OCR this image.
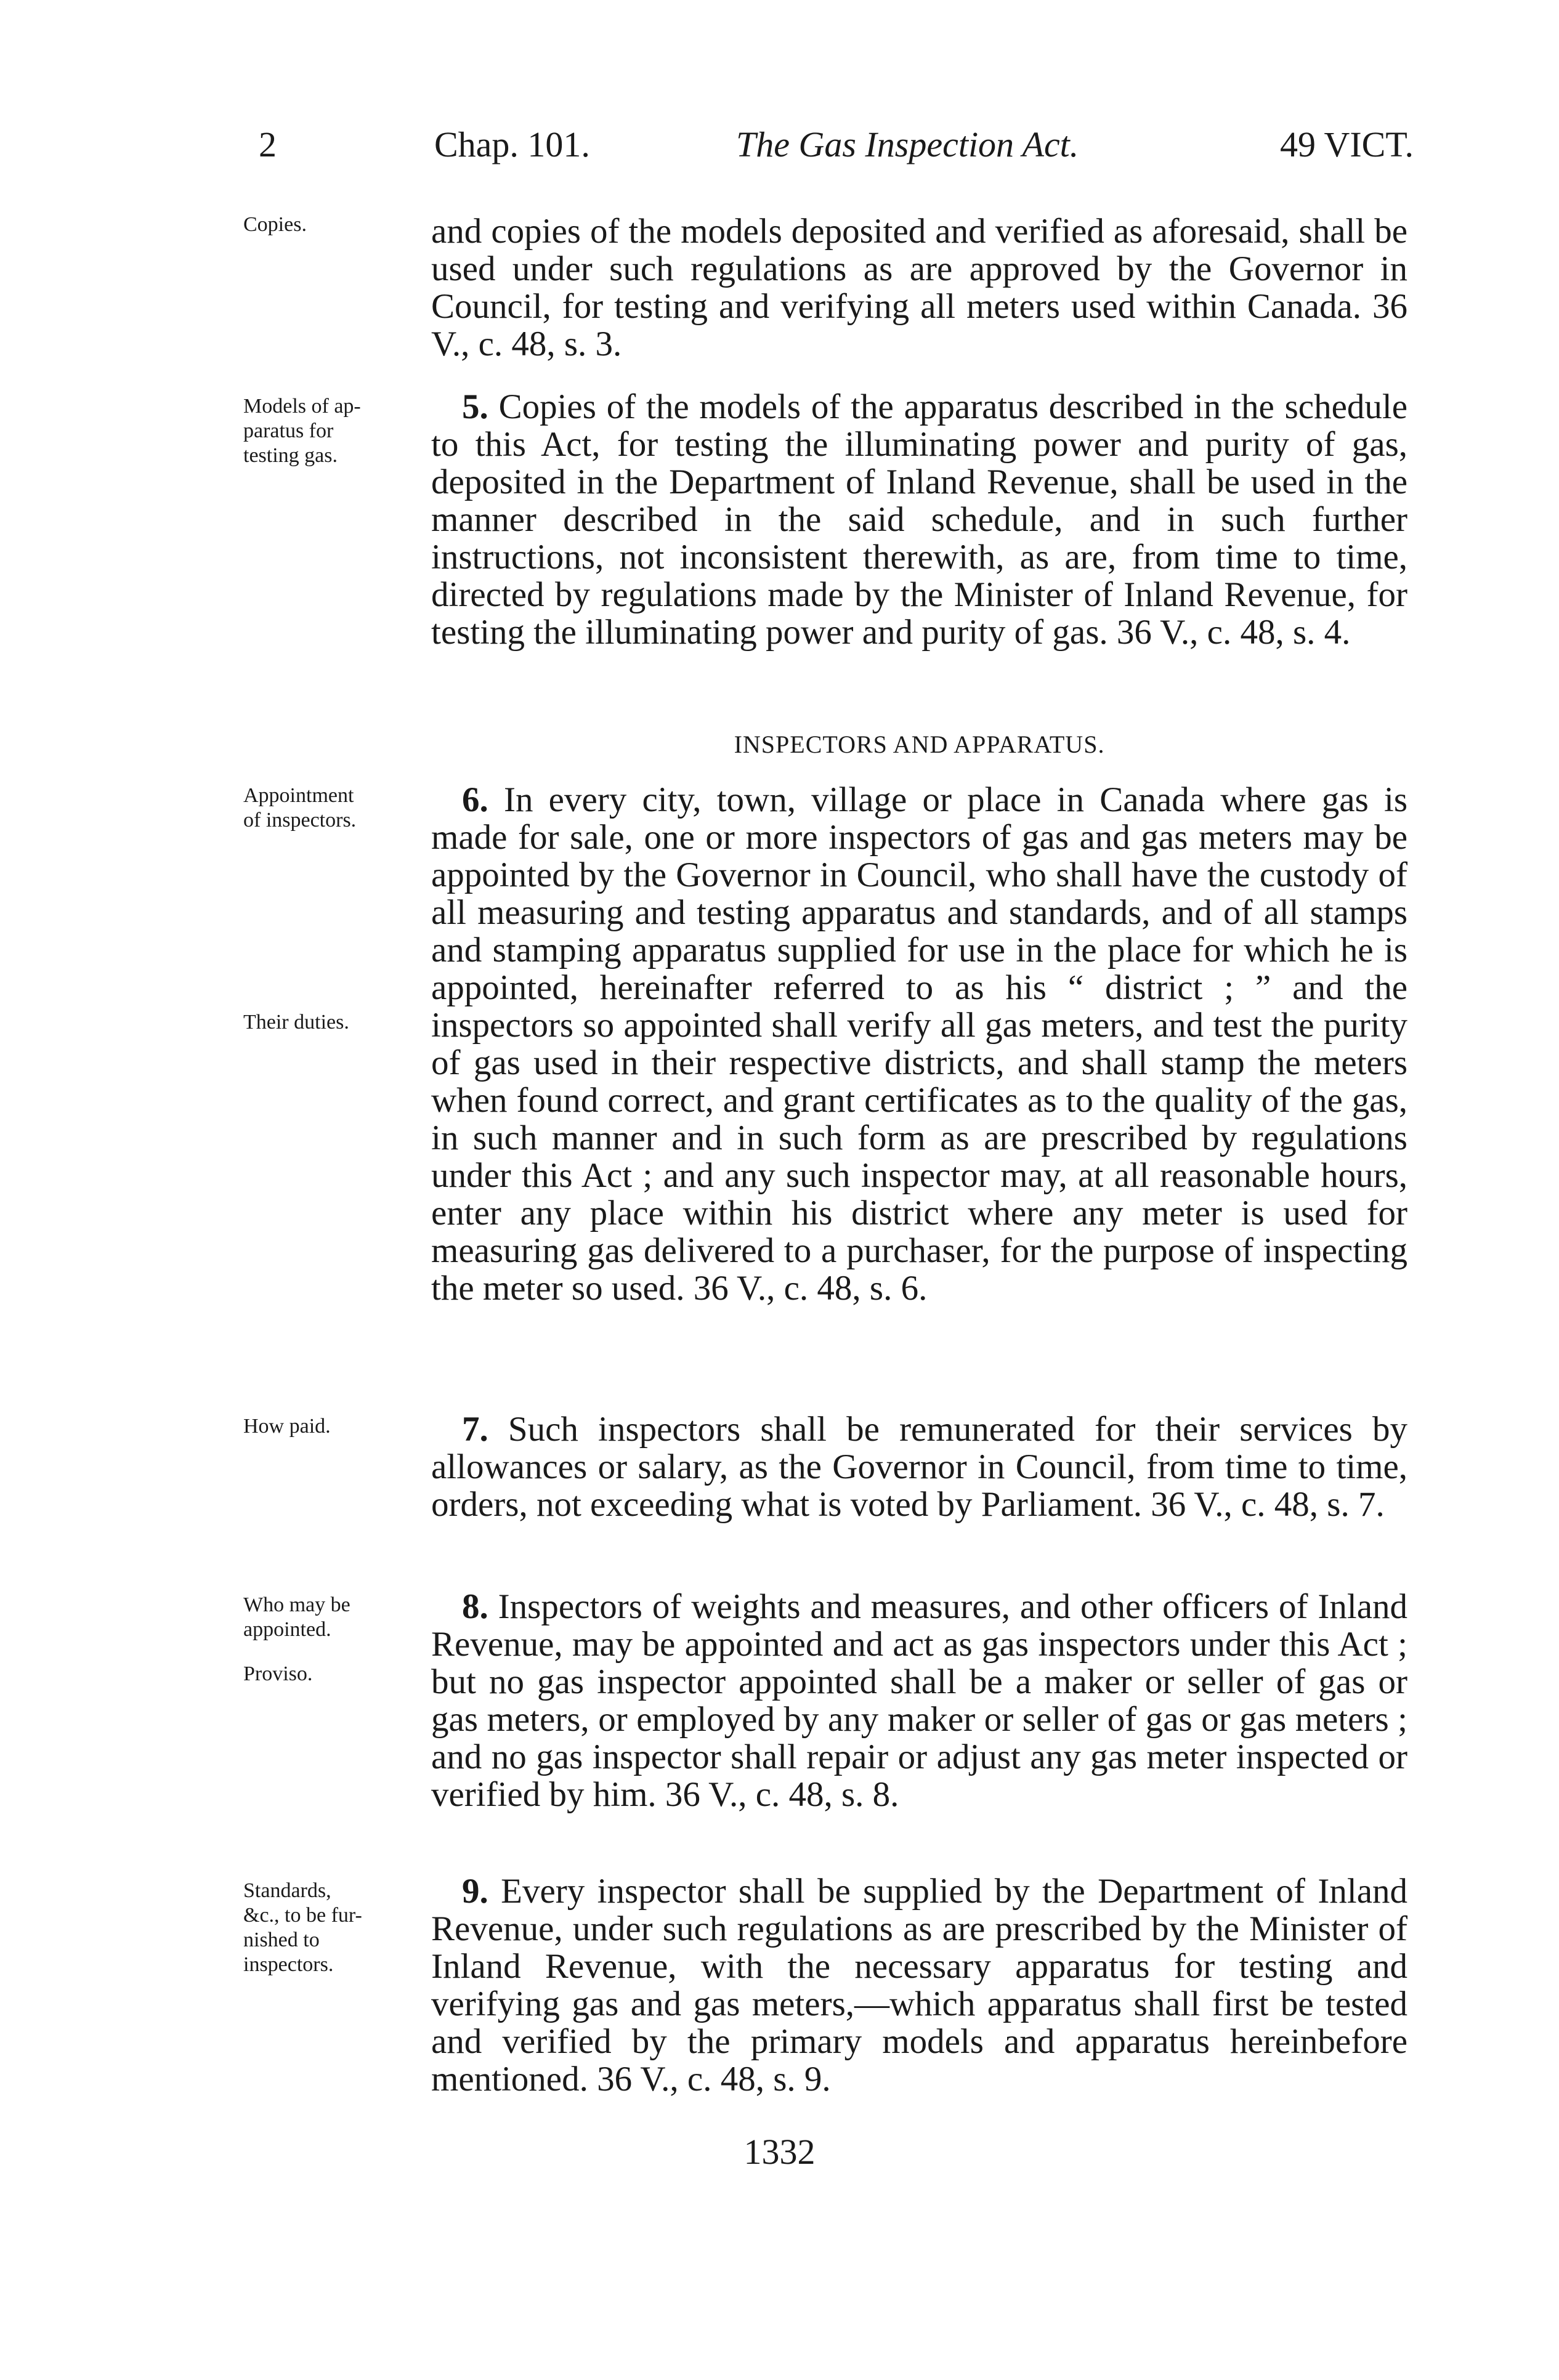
2	Chap. 101.	The Gas Inspection Act.	49 VICT.
Copies.	and copies of the models deposited and verified as aforesaid, shall be used under such regulations as are approved by the Governor in Council, for testing and verifying all meters used within Canada. 36 V., c. 48, s. 3.
Models of ap-
paratus for
testing gas.
5. Copies of the models of the apparatus described in the schedule to this Act, for testing the illuminating power and purity of gas, deposited in the Department of Inland Revenue, shall be used in the manner described in the said schedule, and in such further instructions, not inconsistent therewith, as are, from time to time, directed by regulations made by the Minister of Inland Revenue, for testing the illuminating power and purity of gas. 36 V., c. 48, s. 4.
INSPECTORS AND APPARATUS.
Appointment
of inspectors.
Their duties.
6. In every city, town, village or place in Canada where gas is made for sale, one or more inspectors of gas and gas meters may be appointed by the Governor in Council, who shall have the custody of all measuring and testing apparatus and standards, and of all stamps and stamping apparatus supplied for use in the place for which he is appointed, hereinafter referred to as his “ district ; ” and the inspectors so appointed shall verify all gas meters, and test the purity of gas used in their respective districts, and shall stamp the meters when found correct, and grant certificates as to the quality of the gas, in such manner and in such form as are prescribed by regulations under this Act ; and any such inspector may, at all reasonable hours, enter any place within his district where any meter is used for measuring gas delivered to a purchaser, for the purpose of inspecting the meter so used. 36 V., c. 48, s. 6.
How paid.	7. Such inspectors shall be remunerated for their services by allowances or salary, as the Governor in Council, from time to time, orders, not exceeding what is voted by Parliament. 36 V., c. 48, s. 7.
Who may be
appointed.
Proviso.
8. Inspectors of weights and measures, and other officers of Inland Revenue, may be appointed and act as gas inspectors under this Act ; but no gas inspector appointed shall be a maker or seller of gas or gas meters, or employed by any maker or seller of gas or gas meters ; and no gas inspector shall repair or adjust any gas meter inspected or verified by him. 36 V., c. 48, s. 8.
Standards,
&c., to be fur-
nished to
inspectors.
9. Every inspector shall be supplied by the Department of Inland Revenue, under such regulations as are prescribed by the Minister of Inland Revenue, with the necessary apparatus for testing and verifying gas and gas meters,—which apparatus shall first be tested and verified by the primary models and apparatus hereinbefore mentioned. 36 V., c. 48, s. 9.
1332
